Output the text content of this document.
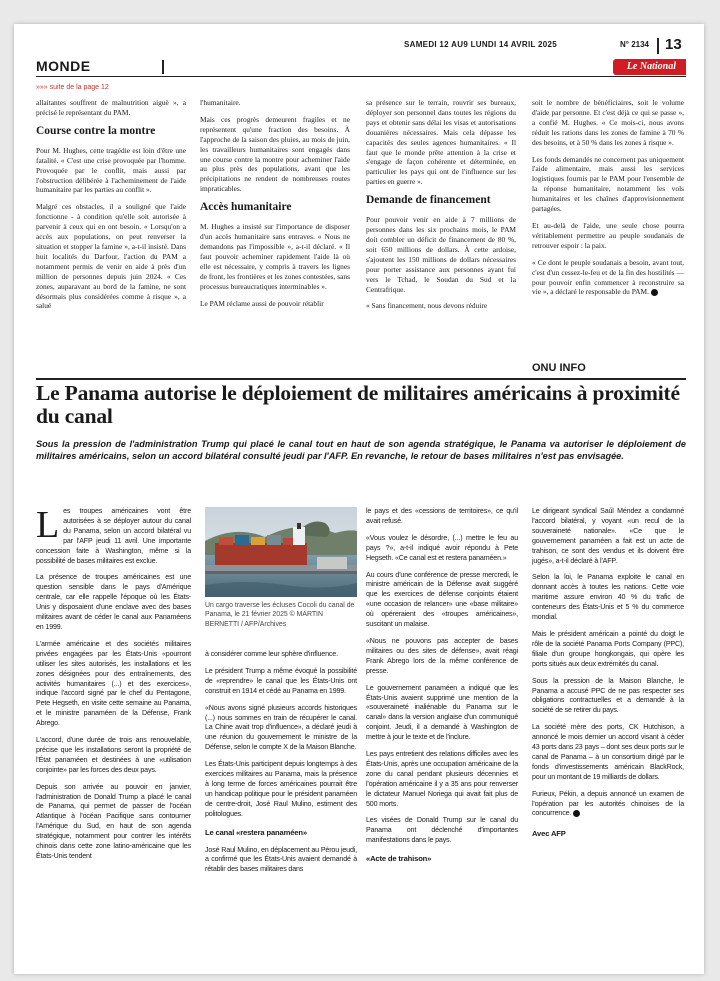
SAMEDI 12 AU9 LUNDI 14 AVRIL 2025	N° 2134 13
MONDE	Le National
»»» suite de la page 12

allaitantes souffrent de malnutrition aiguë », a précisé le représentant du PAM.

Course contre la montre

Pour M. Hughes, cette tragédie est loin d'être une fatalité. « C'est une crise provoquée par l'homme. Provoquée par le conflit, mais aussi par l'obstruction délibérée à l'acheminement de l'aide humanitaire par les parties au conflit ».

Malgré ces obstacles, il a souligné que l'aide fonctionne - à condition qu'elle soit autorisée à parvenir à ceux qui en ont besoin. « Lorsqu'on a accès aux populations, on peut renverser la situation et stopper la famine », a-t-il insisté. Dans huit localités du Darfour, l'action du PAM a notamment permis de venir en aide à près d'un million de personnes depuis juin 2024. « Ces zones, auparavant au bord de la famine, ne sont désormais plus considérées comme à risque », a salué

l'humanitaire.

Mais ces progrès demeurent fragiles et ne représentent qu'une fraction des besoins. À l'approche de la saison des pluies, au mois de juin, les travailleurs humanitaires sont engagés dans une course contre la montre pour acheminer l'aide au plus près des populations, avant que les précipitations ne rendent de nombreuses routes impraticables.

Accès humanitaire

M. Hughes a insisté sur l'importance de disposer d'un accès humanitaire sans entraves. « Nous ne demandons pas l'impossible », a-t-il déclaré. « Il faut pouvoir acheminer rapidement l'aide là où elle est nécessaire, y compris à travers les lignes de front, les frontières et les zones contestées, sans processus bureaucratiques interminables ».

Le PAM réclame aussi de pouvoir rétablir

sa présence sur le terrain, rouvrir ses bureaux, déployer son personnel dans toutes les régions du pays et obtenir sans délai les visas et autorisations douanières nécessaires. Mais cela dépasse les capacités des seules agences humanitaires. « Il faut que le monde prête attention à la crise et s'engage de façon cohérente et déterminée, en particulier les pays qui ont de l'influence sur les parties en guerre ».

Demande de financement

Pour pouvoir venir en aide à 7 millions de personnes dans les six prochains mois, le PAM doit combler un déficit de financement de 80 %, soit 650 millions de dollars. À cette ardoise, s'ajoutent les 150 millions de dollars nécessaires pour porter assistance aux personnes ayant fui vers le Tchad, le Soudan du Sud et la Centrafrique.

« Sans financement, nous devons réduire

soit le nombre de bénéficiaires, soit le volume d'aide par personne. Et c'est déjà ce qui se passe », a confié M. Hughes. « Ce mois-ci, nous avons réduit les rations dans les zones de famine à 70 % des besoins, et à 50 % dans les zones à risque ».

Les fonds demandés ne concernent pas uniquement l'aide alimentaire, mais aussi les services logistiques fournis par le PAM pour l'ensemble de la réponse humanitaire, notamment les vols humanitaires et les chaînes d'approvisionnement partagées.

Et au-delà de l'aide, une seule chose pourra véritablement permettre au peuple soudanais de retrouver espoir : la paix.

« Ce dont le peuple soudanais a besoin, avant tout, c'est d'un cessez-le-feu et de la fin des hostilités — pour pouvoir enfin commencer à reconstruire sa vie », a déclaré le responsable du PAM.

ONU INFO
Le Panama autorise le déploiement de militaires américains à proximité du canal
Sous la pression de l'administration Trump qui placé le canal tout en haut de son agenda stratégique, le Panama va autoriser le déploiement de militaires américains, selon un accord bilatéral consulté jeudi par l'AFP. En revanche, le retour de bases militaires n'est pas envisagée.

Les troupes américaines vont être autorisées à se déployer autour du canal du Panama, selon un accord bilatéral vu par l'AFP jeudi 11 avril. Une importante concession faite à Washington, même si la possibilité de bases militaires est exclue.

La présence de troupes américaines est une question sensible dans le pays d'Amérique centrale, car elle rappelle l'époque où les États-Unis y disposaient d'une enclave avec des bases militaires avant de céder le canal aux Panaméens en 1999.

L'armée américaine et des sociétés militaires privées engagées par les États-Unis «pourront utiliser les sites autorisés, les installations et les zones désignées pour des entraînements, des activités humanitaires (...) et des exercices», indique l'accord signé par le chef du Pentagone, Pete Hegseth, en visite cette semaine au Panama, et le ministre panaméen de la Défense, Frank Abrego.

L'accord, d'une durée de trois ans renouvelable, précise que les installations seront la propriété de l'État panaméen et destinées à une «utilisation conjointe» par les forces des deux pays.

Depuis son arrivée au pouvoir en janvier, l'administration de Donald Trump a placé le canal de Panama, qui permet de passer de l'océan Atlantique à l'océan Pacifique sans contourner l'Amérique du Sud, en haut de son agenda stratégique, notamment pour contrer les intérêts chinois dans cette zone latino-américaine que les États-Unis tendent

Un cargo traverse les écluses Cocoli du canal de Panama, le 21 février 2025 © MARTIN BERNETTI / AFP/Archives

à considérer comme leur sphère d'influence.

Le président Trump a même évoqué la possibilité de «reprendre» le canal que les États-Unis ont construit en 1914 et cédé au Panama en 1999.

«Nous avons signé plusieurs accords historiques (...) nous sommes en train de récupérer le canal. La Chine avait trop d'influence», a déclaré jeudi à une réunion du gouvernement le ministre de la Défense, selon le compte X de la Maison Blanche.

Les États-Unis participent depuis longtemps à des exercices militaires au Panama, mais la présence à long terme de forces américaines pourrait être un handicap politique pour le président panaméen de centre-droit, José Raul Mulino, estiment des politologues.

Le canal «restera panaméen»

José Raul Mulino, en déplacement au Pérou jeudi, a confirmé que les États-Unis avaient demandé à rétablir des bases militaires dans

le pays et des «cessions de territoires», ce qu'il avait refusé.

«Vous voulez le désordre, (...) mettre le feu au pays ?», a-t-il indiqué avoir répondu à Pete Hegseth. «Ce canal est et restera panaméen.»

Au cours d'une conférence de presse mercredi, le ministre américain de la Défense avait suggéré que les exercices de défense conjoints étaient «une occasion de relancer» une «base militaire» où opéreraient des «troupes américaines», suscitant un malaise.

«Nous ne pouvons pas accepter de bases militaires ou des sites de défense», avait réagi Frank Abrego lors de la même conférence de presse.

Le gouvernement panaméen a indiqué que les États-Unis avaient supprimé une mention de la «souveraineté inaliénable du Panama sur le canal» dans la version anglaise d'un communiqué conjoint. Jeudi, il a demandé à Washington de mettre à jour le texte et de l'inclure.

Les pays entretient des relations difficiles avec les États-Unis, après une occupation américaine de la zone du canal pendant plusieurs décennies et l'opération américaine il y a 35 ans pour renverser le dictateur Manuel Noriega qui avait fait plus de 500 morts.

Les visées de Donald Trump sur le canal du Panama ont déclenché d'importantes manifestations dans le pays.

«Acte de trahison»

Le dirigeant syndical Saúl Méndez a condamné l'accord bilatéral, y voyant «un recul de la souveraineté nationale». «Ce que le gouvernement panaméen a fait est un acte de trahison, ce sont des vendus et ils doivent être jugés», a-t-il déclaré à l'AFP.

Selon la loi, le Panama exploite le canal en donnant accès à toutes les nations. Cette voie maritime assure environ 40 % du trafic de conteneurs des États-Unis et 5 % du commerce mondial.

Mais le président américain a pointé du doigt le rôle de la société Panama Ports Company (PPC), filiale d'un groupe hongkongais, qui opère les ports situés aux deux extrémités du canal.

Sous la pression de la Maison Blanche, le Panama a accusé PPC de ne pas respecter ses obligations contractuelles et a demandé à la société de se retirer du pays.

La société mère des ports, CK Hutchison, a annoncé le mois dernier un accord visant à céder 43 ports dans 23 pays – dont ses deux ports sur le canal de Panama – à un consortium dirigé par le fonds d'investissements américain BlackRock, pour un montant de 19 milliards de dollars.

Furieux, Pékin, a depuis annoncé un examen de l'opération par les autorités chinoises de la concurrence.

Avec AFP
